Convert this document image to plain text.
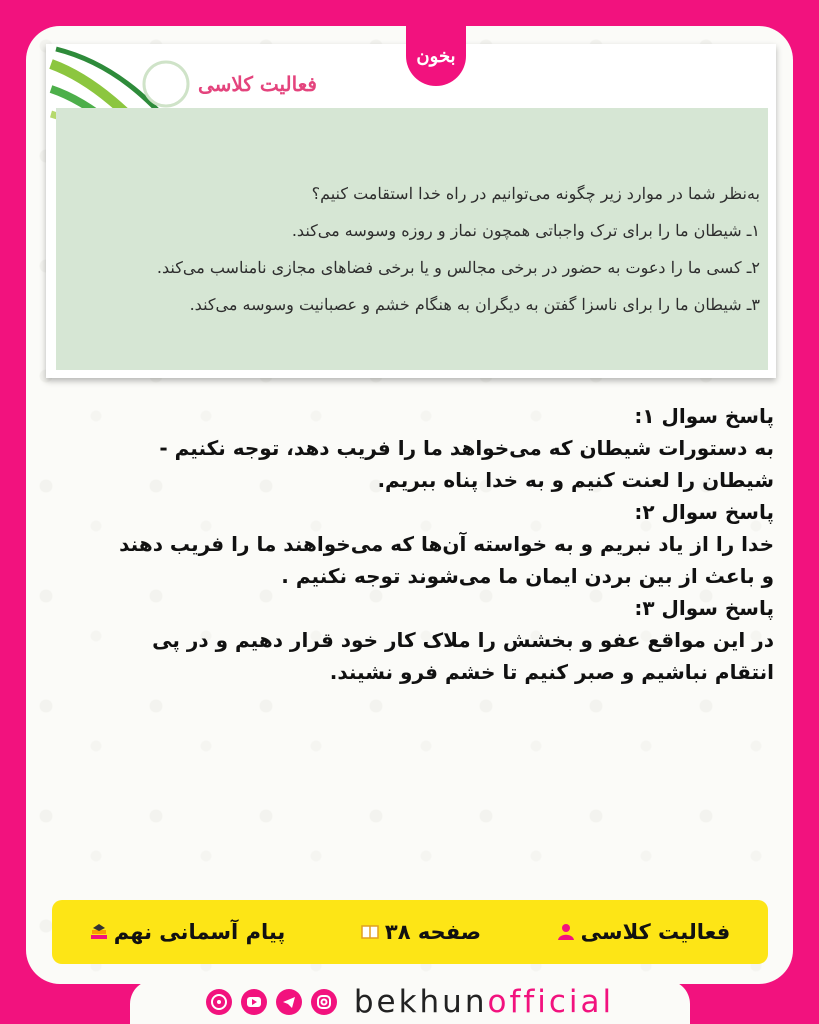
بخون
فعالیت کلاسی

به‌نظر شما در موارد زیر چگونه می‌توانیم در راه خدا استقامت کنیم؟

۱ـ شیطان ما را برای ترک واجباتی همچون نماز و روزه وسوسه می‌کند.

۲ـ کسی ما را دعوت به حضور در برخی مجالس و یا برخی فضاهای مجازی نامناسب می‌کند.

۳ـ شیطان ما را برای ناسزا گفتن به دیگران به هنگام خشم و عصبانیت وسوسه می‌کند.

پاسخ سوال ۱:

به دستورات شیطان که می‌خواهد ما را فریب دهد، توجه نکنیم -

شیطان را لعنت کنیم و به خدا پناه ببریم.

پاسخ سوال ۲:

خدا را از یاد نبریم و به خواسته آن‌ها که می‌خواهند ما را فریب دهند

و باعث از بین بردن ایمان ما می‌شوند توجه نکنیم .

پاسخ سوال ۳:

در این مواقع عفو و بخشش را ملاک کار خود قرار دهیم و در پی

انتقام نباشیم و صبر کنیم تا خشم فرو نشیند.

فعالیت کلاسی
صفحه ۳۸
پیام آسمانی نهم
bekhunofficial
